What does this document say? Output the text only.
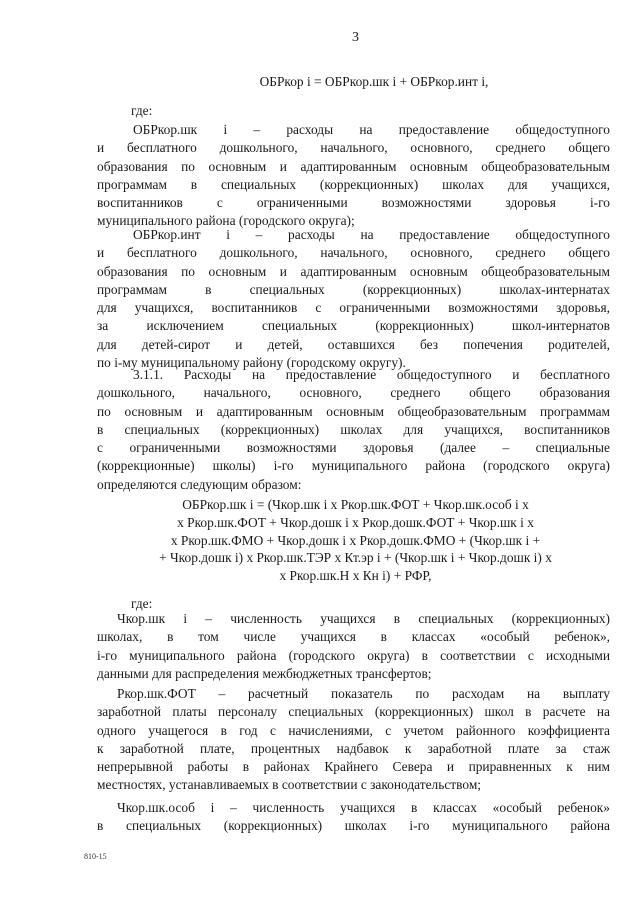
3
ОБРкор i = ОБРкор.шк i + ОБРкор.инт i,
где:
ОБРкор.шк i – расходы на предоставление общедоступного
и бесплатного дошкольного, начального, основного, среднего общего
образования по основным и адаптированным основным общеобразовательным
программам в специальных (коррекционных) школах для учащихся,
воспитанников с ограниченными возможностями здоровья i-го
муниципального района (городского округа);
ОБРкор.инт i – расходы на предоставление общедоступного
и бесплатного дошкольного, начального, основного, среднего общего
образования по основным и адаптированным основным общеобразовательным
программам в специальных (коррекционных) школах-интернатах
для учащихся, воспитанников с ограниченными возможностями здоровья,
за исключением специальных (коррекционных) школ-интернатов
для детей-сирот и детей, оставшихся без попечения родителей,
по i-му муниципальному району (городскому округу).
3.1.1. Расходы на предоставление общедоступного и бесплатного
дошкольного, начального, основного, среднего общего образования
по основным и адаптированным основным общеобразовательным программам
в специальных (коррекционных) школах для учащихся, воспитанников
с ограниченными возможностями здоровья (далее – специальные
(коррекционные) школы) i-го муниципального района (городского округа)
определяются следующим образом:
ОБРкор.шк i = (Чкор.шк i x Ркор.шк.ФОТ + Чкор.шк.особ i x
x Ркор.шк.ФОТ + Чкор.дошк i x Ркор.дошк.ФОТ + Чкор.шк i x
x Ркор.шк.ФМО + Чкор.дошк i x Ркор.дошк.ФМО + (Чкор.шк i +
+ Чкор.дошк i) x Ркор.шк.ТЭР x Кт.эр i + (Чкор.шк i + Чкор.дошк i) x
x Ркор.шк.Н x Кн i) + РФР,
где:
Чкор.шк i – численность учащихся в специальных (коррекционных)
школах, в том числе учащихся в классах «особый ребенок»,
i-го муниципального района (городского округа) в соответствии с исходными
данными для распределения межбюджетных трансфертов;
Ркор.шк.ФОТ – расчетный показатель по расходам на выплату
заработной платы персоналу специальных (коррекционных) школ в расчете на
одного учащегося в год с начислениями, с учетом районного коэффициента
к заработной плате, процентных надбавок к заработной плате за стаж
непрерывной работы в районах Крайнего Севера и приравненных к ним
местностях, устанавливаемых в соответствии с законодательством;
Чкор.шк.особ i – численность учащихся в классах «особый ребенок»
в специальных (коррекционных) школах i-го муниципального района
810-15
